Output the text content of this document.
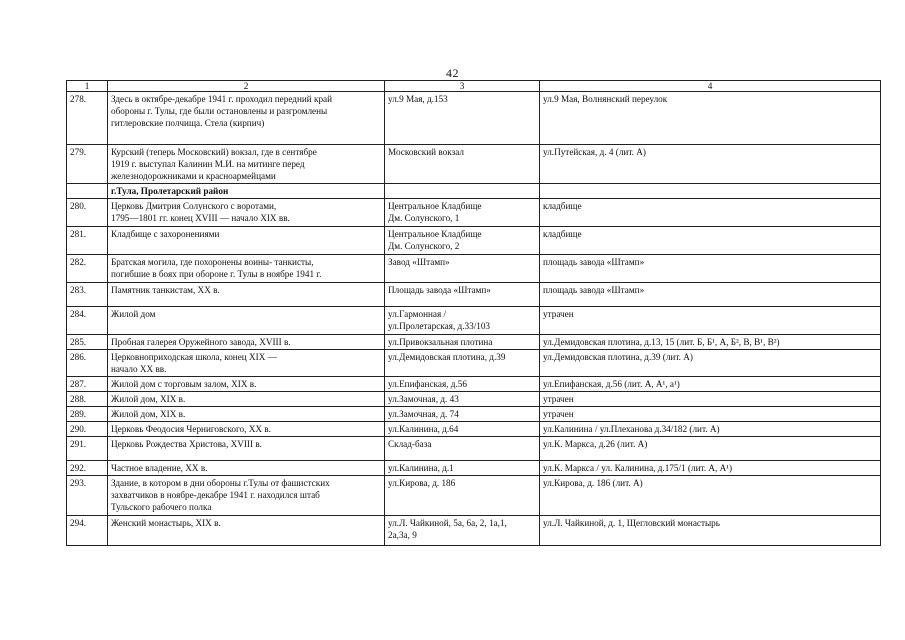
42
1	2	3	4
278.	Здесь в октябре-декабре 1941 г. проходил передний край
обороны г. Тулы, где были остановлены и разгромлены
гитлеровские полчища. Стела (кирпич)	ул.9 Мая, д.153	ул.9 Мая, Волнянский переулок

279.	Курский (теперь Московский) вокзал, где в сентябре
1919 г. выступал Калинин М.И. на митинге перед
железнодорожниками и красноармейцами	Московский вокзал	ул.Путейская, д. 4 (лит. А)

	г.Тула, Пролетарский район		
280.	Церковь Дмитрия Солунского с воротами,
1795—1801 гг. конец XVIII — начало XIX вв.	Центральное Кладбище
Дм. Солунского, 1	кладбище

281.	Кладбище с захоронениями	Центральное Кладбище
Дм. Солунского, 2	кладбище

282.	Братская могила, где похоронены воины- танкисты,
погибшие в боях при обороне г. Тулы в ноябре 1941 г.	Завод «Штамп»	площадь завода «Штамп»

283.	Памятник танкистам, XX в.	Площадь завода «Штамп»	площадь завода «Штамп»

284.	Жилой дом	ул.Гармонная /
ул.Пролетарская, д.33/103	утрачен

285.	Пробная галерея Оружейного завода, XVIII в.	ул.Привокзальная плотина	ул.Демидовская плотина, д.13, 15 (лит. Б, Б¹, А, Б², В, В¹, В²)

286.	Церковноприходская школа, конец XIX —
начало XX вв.	ул.Демидовская плотина, д.39	ул.Демидовская плотина, д.39 (лит. А)

287.	Жилой дом с торговым залом, XIX в.	ул.Епифанская, д.56	ул.Епифанская, д.56 (лит. А, А¹, а¹)

288.	Жилой дом, XIX в.	ул.Замочная, д. 43	утрачен

289.	Жилой дом, XIX в.	ул.Замочная, д. 74	утрачен

290.	Церковь Феодосия Черниговского, XX в.	ул.Калинина, д.64	ул.Калинина / ул.Плеханова д.34/182 (лит. А)

291.	Церковь Рождества Христова, XVIII в.	Склад-база	ул.К. Маркса, д.26 (лит. А)

292.	Частное владение, XX в.	ул.Калинина, д.1	ул.К. Маркса / ул. Калинина, д.175/1 (лит. А, А¹)

293.	Здание, в котором в дни обороны г.Тулы от фашистских
захватчиков в ноябре-декабре 1941 г. находился штаб
Тульского рабочего полка	ул.Кирова, д. 186	ул.Кирова, д. 186 (лит. А)

294.	Женский монастырь, XIX в.	ул.Л. Чайкиной, 5а, 6а, 2, 1а,1,
2а,3а, 9	ул.Л. Чайкиной, д. 1, Щегловский монастырь
